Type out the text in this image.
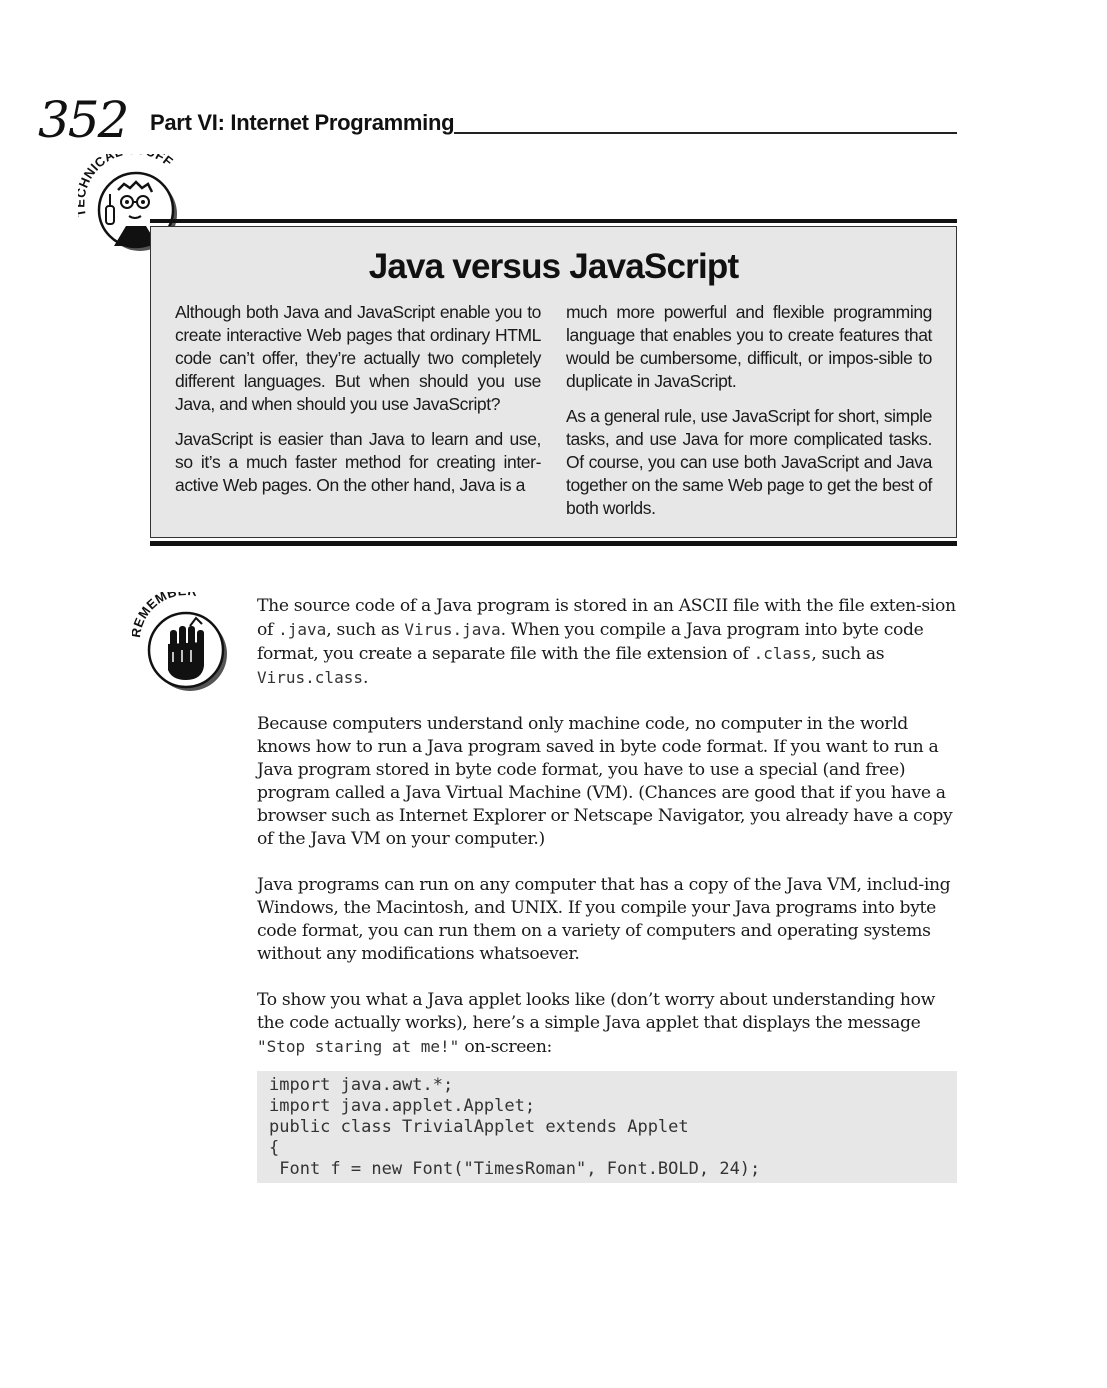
352 Part VI: Internet Programming
NICA FF
Java versus JavaScript

Although both Java and JavaScript enable you to create interactive Web pages that ordinary HTML code can’t offer, they’re actually two completely different languages. But when should you use Java, and when should you use JavaScript?

JavaScript is easier than Java to learn and use, so it’s a much faster method for creating inter-active Web pages. On the other hand, Java is a

much more powerful and flexible programming language that enables you to create features that would be cumbersome, difficult, or impos-sible to duplicate in JavaScript.

As a general rule, use JavaScript for short, simple tasks, and use Java for more complicated tasks. Of course, you can use both JavaScript and Java together on the same Web page to get the best of both worlds.

EMEMB

The source code of a Java program is stored in an ASCII file with the file exten-sion of .java, such as Virus.java. When you compile a Java program into byte code format, you create a separate file with the file extension of .class, such as Virus.class.

Because computers understand only machine code, no computer in the world knows how to run a Java program saved in byte code format. If you want to run a Java program stored in byte code format, you have to use a special (and free) program called a Java Virtual Machine (VM). (Chances are good that if you have a browser such as Internet Explorer or Netscape Navigator, you already have a copy of the Java VM on your computer.)

Java programs can run on any computer that has a copy of the Java VM, includ-ing Windows, the Macintosh, and UNIX. If you compile your Java programs into byte code format, you can run them on a variety of computers and operating systems without any modifications whatsoever.

To show you what a Java applet looks like (don’t worry about understanding how the code actually works), here’s a simple Java applet that displays the message "Stop staring at me!" on-screen:

import java.awt.*;
import java.applet.Applet;
public class TrivialApplet extends Applet
{
Font f = new Font("TimesRoman", Font.BOLD, 24);
